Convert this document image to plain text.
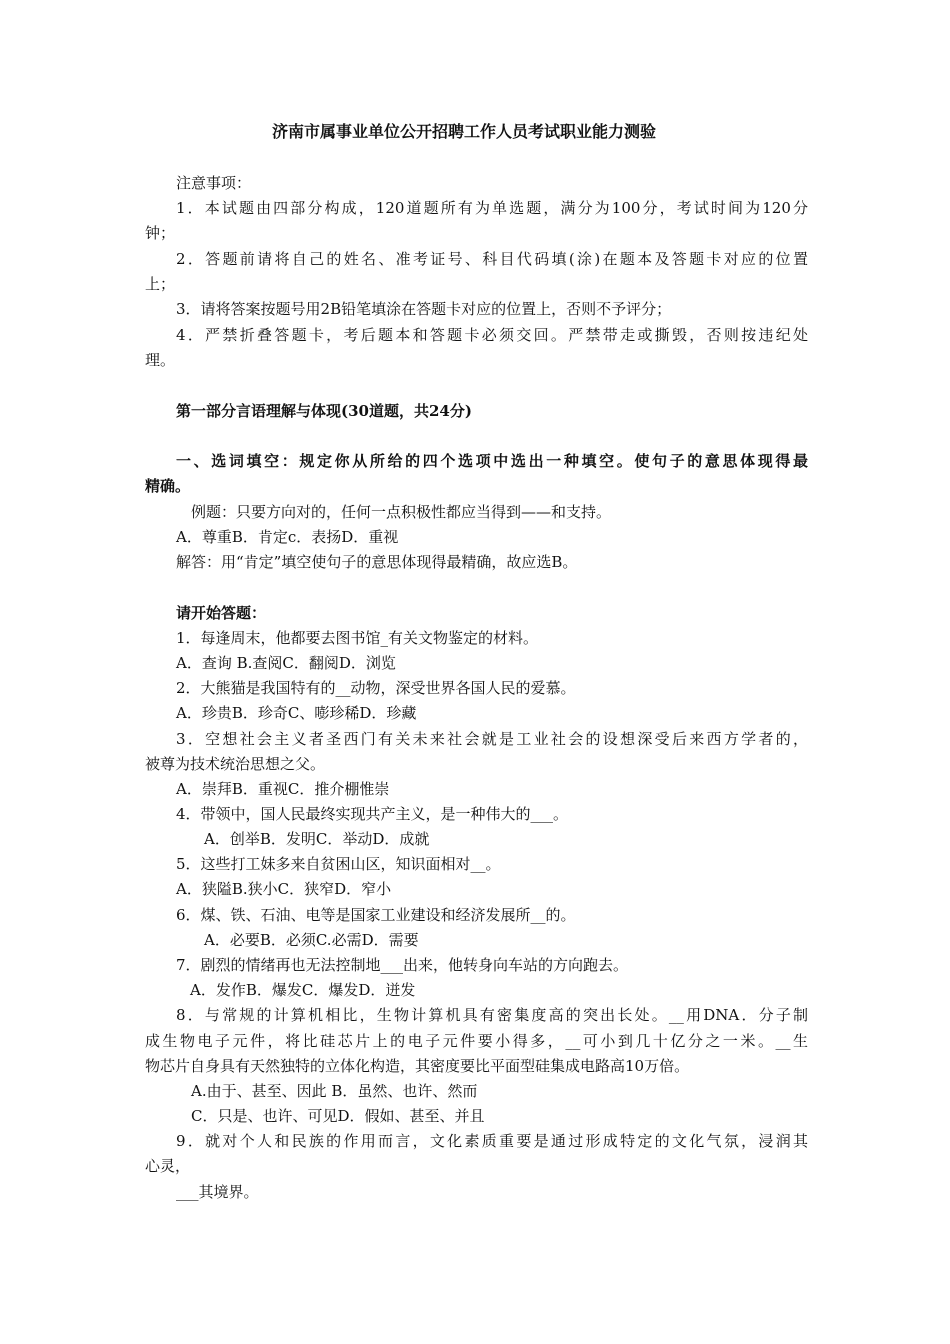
济南市属事业单位公开招聘工作人员考试职业能力测验
注意事项：
1．本试题由四部分构成，120道题所有为单选题，满分为100分，考试时间为120分
钟；
2．答题前请将自己的姓名、准考证号、科目代码填(涂)在题本及答题卡对应的位置
上；
3．请将答案按题号用2B铅笔填涂在答题卡对应的位置上，否则不予评分；
4．严禁折叠答题卡，考后题本和答题卡必须交回。严禁带走或撕毁，否则按违纪处
理。
第一部分言语理解与体现(30道题，共24分)
一、选词填空：规定你从所给的四个选项中选出一种填空。使句子的意思体现得最
精确。
例题：只要方向对的，任何一点积极性都应当得到——和支持。
A．尊重B．肯定c．表扬D．重视
解答：用“肯定”填空使句子的意思体现得最精确，故应选B。
请开始答题：
1．每逢周末，他都要去图书馆_有关文物鉴定的材料。
A．查询 B.查阅C．翻阅D．浏览
2．大熊猫是我国特有的__动物，深受世界各国人民的爱慕。
A．珍贵B．珍奇C、嘭珍稀D．珍藏
3．空想社会主义者圣西门有关未来社会就是工业社会的设想深受后来西方学者的，
被尊为技术统治思想之父。
A．崇拜B．重视C．推介棚惟崇
4．带领中，国人民最终实现共产主义，是一种伟大的___。
A．创举B．发明C．举动D．成就
5．这些打工妹多来自贫困山区，知识面相对__。
A．狭隘B.狭小C．狭窄D．窄小
6．煤、铁、石油、电等是国家工业建设和经济发展所__的。
A．必要B．必须C.必需D．需要
7．剧烈的情绪再也无法控制地___出来，他转身向车站的方向跑去。
A．发作B．爆发C．爆发D．迸发
8．与常规的计算机相比，生物计算机具有密集度高的突出长处。__用DNA．分子制
成生物电子元件，将比硅芯片上的电子元件要小得多，__可小到几十亿分之一米。__生
物芯片自身具有天然独特的立体化构造，其密度要比平面型硅集成电路高10万倍。
A.由于、甚至、因此 B．虽然、也许、然而
C．只是、也许、可见D．假如、甚至、并且
9．就对个人和民族的作用而言，文化素质重要是通过形成特定的文化气氛，浸润其
心灵，
___其境界。
